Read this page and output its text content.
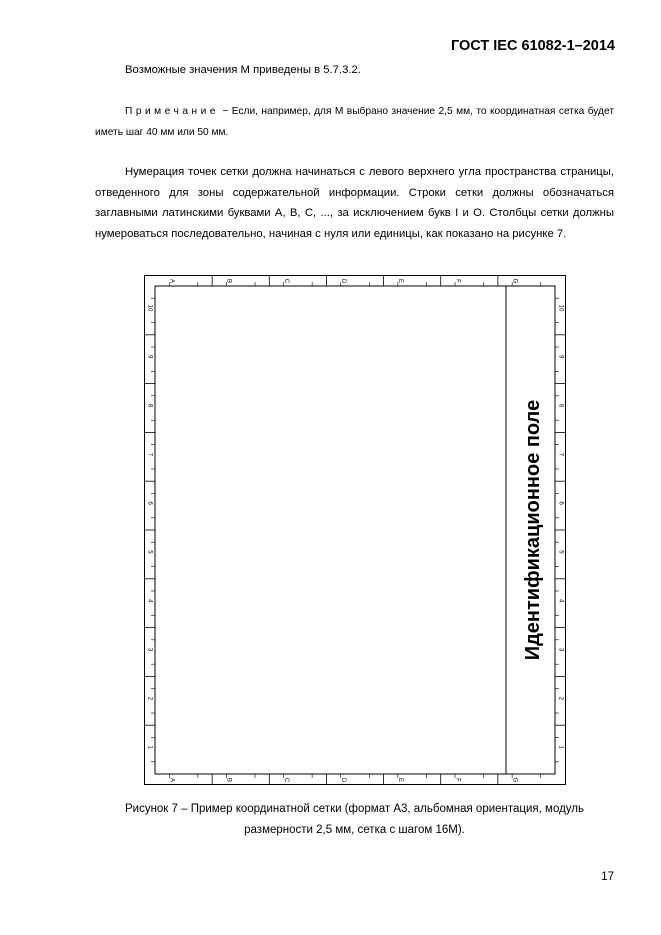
ГОСТ IEC 61082-1–2014
Возможные значения М приведены в 5.7.3.2.
Примечание − Если, например, для М выбрано значение 2,5 мм, то координатная сетка будет иметь шаг 40 мм или 50 мм.
Нумерация точек сетки должна начинаться с левого верхнего угла пространства страницы, отведенного для зоны содержательной информации. Строки сетки должны обозначаться заглавными латинскими буквами A, B, C, ..., за исключением букв I и O. Столбцы сетки должны нумероваться последовательно, начиная с нуля или единицы, как показано на рисунке 7.
A
A
B
B
C
C
D
D
E
E
F
F
G
G
1	1
2	2
3	3
4	4
5	5
6	6
7	7
8	8
9	9
10	10
Идентификационное поле
Рисунок 7 – Пример координатной сетки (формат А3, альбомная ориентация, модуль
размерности 2,5 мм, сетка с шагом 16М).
17
